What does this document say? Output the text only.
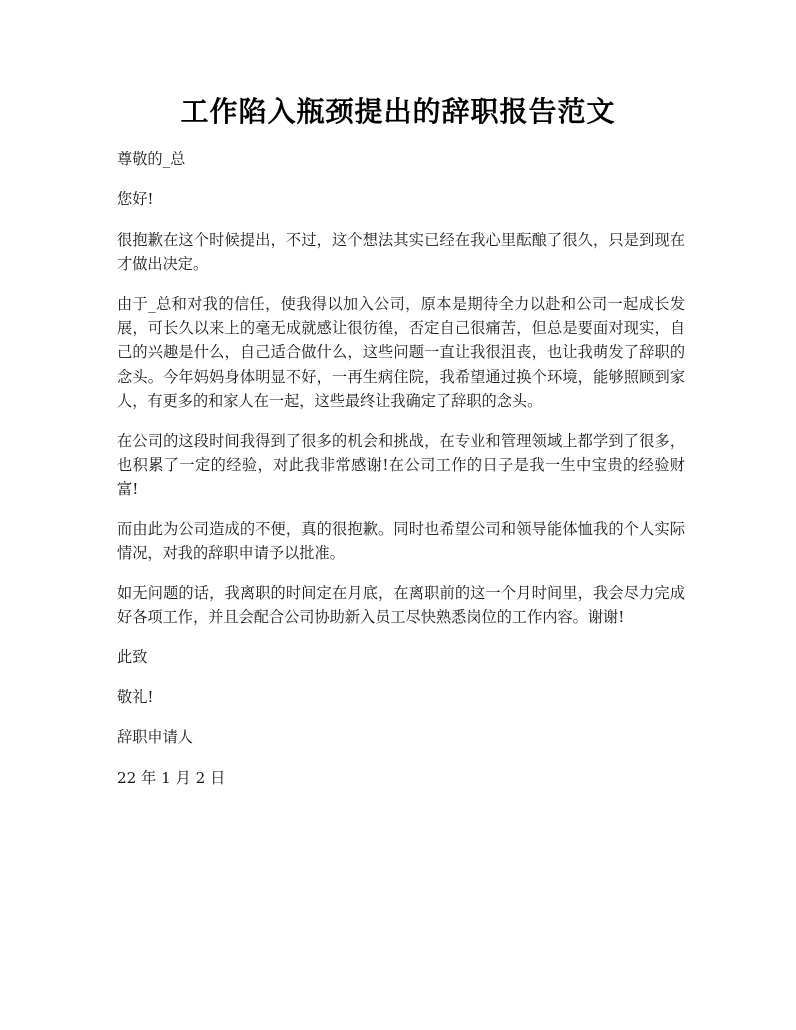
工作陷入瓶颈提出的辞职报告范文

尊敬的_总

您好!

很抱歉在这个时候提出，不过，这个想法其实已经在我心里酝酿了很久，只是到现在才做出决定。

由于_总和对我的信任，使我得以加入公司，原本是期待全力以赴和公司一起成长发展，可长久以来上的毫无成就感让很彷徨，否定自己很痛苦，但总是要面对现实，自己的兴趣是什么，自己适合做什么，这些问题一直让我很沮丧，也让我萌发了辞职的念头。今年妈妈身体明显不好，一再生病住院，我希望通过换个环境，能够照顾到家人，有更多的和家人在一起，这些最终让我确定了辞职的念头。

在公司的这段时间我得到了很多的机会和挑战，在专业和管理领域上都学到了很多，也积累了一定的经验，对此我非常感谢!在公司工作的日子是我一生中宝贵的经验财富!

而由此为公司造成的不便，真的很抱歉。同时也希望公司和领导能体恤我的个人实际情况，对我的辞职申请予以批准。

如无问题的话，我离职的时间定在月底，在离职前的这一个月时间里，我会尽力完成好各项工作，并且会配合公司协助新入员工尽快熟悉岗位的工作内容。谢谢!

此致

敬礼!

辞职申请人

22 年 1 月 2 日
